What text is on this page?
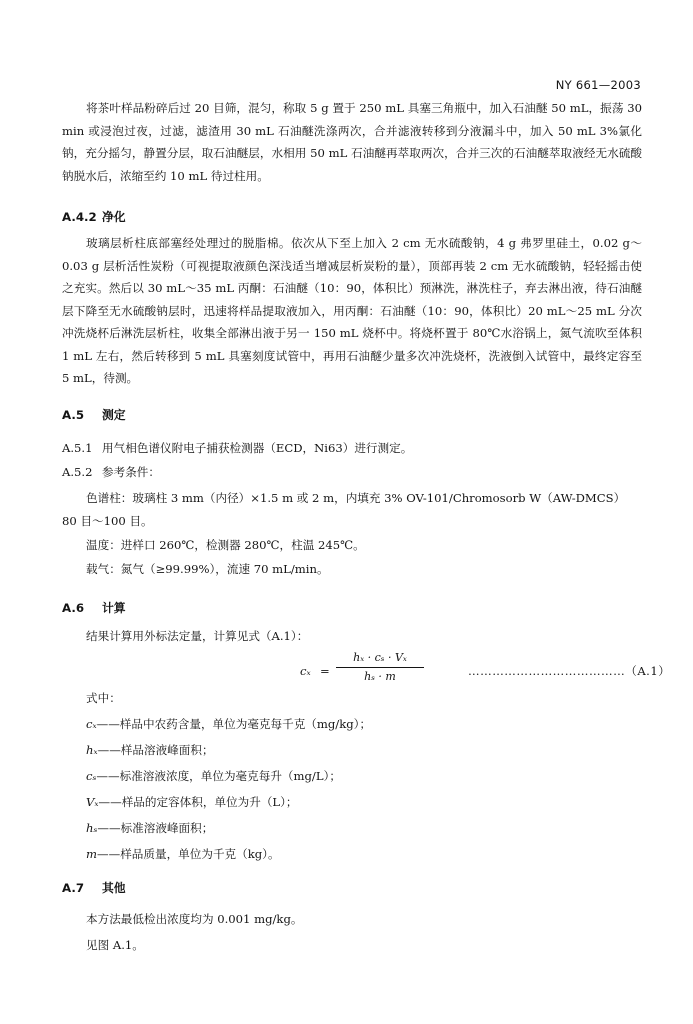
NY 661—2003
将茶叶样品粉碎后过 20 目筛，混匀，称取 5 g 置于 250 mL 具塞三角瓶中，加入石油醚 50 mL，振荡 30 min 或浸泡过夜，过滤，滤渣用 30 mL 石油醚洗涤两次，合并滤液转移到分液漏斗中，加入 50 mL 3%氯化钠，充分摇匀，静置分层，取石油醚层，水相用 50 mL 石油醚再萃取两次，合并三次的石油醚萃取液经无水硫酸钠脱水后，浓缩至约 10 mL 待过柱用。
A.4.2 净化
玻璃层析柱底部塞经处理过的脱脂棉。依次从下至上加入 2 cm 无水硫酸钠，4 g 弗罗里硅土，0.02 g～0.03 g 层析活性炭粉（可视提取液颜色深浅适当增减层析炭粉的量），顶部再装 2 cm 无水硫酸钠，轻轻摇击使之充实。然后以 30 mL～35 mL 丙酮：石油醚（10：90，体积比）预淋洗，淋洗柱子，弃去淋出液，待石油醚层下降至无水硫酸钠层时，迅速将样品提取液加入，用丙酮：石油醚（10：90，体积比）20 mL～25 mL 分次冲洗烧杯后淋洗层析柱，收集全部淋出液于另一 150 mL 烧杯中。将烧杯置于 80℃水浴锅上，氮气流吹至体积 1 mL 左右，然后转移到 5 mL 具塞刻度试管中，再用石油醚少量多次冲洗烧杯，洗液倒入试管中，最终定容至 5 mL，待测。
A.5 测定
A.5.1 用气相色谱仪附电子捕获检测器（ECD，Ni63）进行测定。
A.5.2 参考条件：
色谱柱：玻璃柱 3 mm（内径）×1.5 m 或 2 m，内填充 3% OV-101/Chromosorb W（AW-DMCS）
80 目～100 目。
温度：进样口 260℃，检测器 280℃，柱温 245℃。
载气：氮气（≥99.99%），流速 70 mL/min。
A.6 计算
结果计算用外标法定量，计算见式（A.1）：
cₓ =
hₓ · cₛ · Vₓ
hₛ · m	…………………………………（A.1）
式中：
cₓ——样品中农药含量，单位为毫克每千克（mg/kg）；
hₓ——样品溶液峰面积；
cₛ——标准溶液浓度，单位为毫克每升（mg/L）；
Vₓ——样品的定容体积，单位为升（L）；
hₛ——标准溶液峰面积；
m——样品质量，单位为千克（kg）。
A.7 其他
本方法最低检出浓度均为 0.001 mg/kg。
见图 A.1。
